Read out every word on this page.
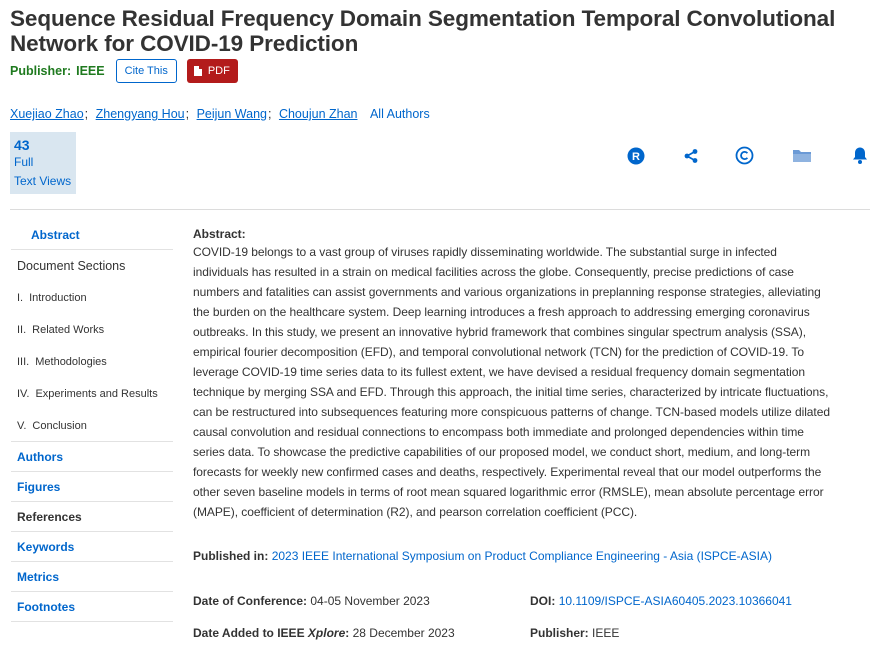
Sequence Residual Frequency Domain Segmentation Temporal Convolutional
Network for COVID-19 Prediction
Publisher: IEEE	Cite This	PDF
Xuejiao Zhao; Zhengyang Hou; Peijun Wang; Choujun Zhan All Authors
43
Full
Text Views
R
Abstract
Document Sections
I. Introduction
II. Related Works
III. Methodologies
IV. Experiments and Results
V. Conclusion
Authors
Figures
References
Keywords
Metrics
Footnotes
Abstract:
COVID-19 belongs to a vast group of viruses rapidly disseminating worldwide. The substantial surge in infected
individuals has resulted in a strain on medical facilities across the globe. Consequently, precise predictions of case
numbers and fatalities can assist governments and various organizations in preplanning response strategies, alleviating
the burden on the healthcare system. Deep learning introduces a fresh approach to addressing emerging coronavirus
outbreaks. In this study, we present an innovative hybrid framework that combines singular spectrum analysis (SSA),
empirical fourier decomposition (EFD), and temporal convolutional network (TCN) for the prediction of COVID-19. To
leverage COVID-19 time series data to its fullest extent, we have devised a residual frequency domain segmentation
technique by merging SSA and EFD. Through this approach, the initial time series, characterized by intricate fluctuations,
can be restructured into subsequences featuring more conspicuous patterns of change. TCN-based models utilize dilated
causal convolution and residual connections to encompass both immediate and prolonged dependencies within time
series data. To showcase the predictive capabilities of our proposed model, we conduct short, medium, and long-term
forecasts for weekly new confirmed cases and deaths, respectively. Experimental reveal that our model outperforms the
other seven baseline models in terms of root mean squared logarithmic error (RMSLE), mean absolute percentage error
(MAPE), coefficient of determination (R2), and pearson correlation coefficient (PCC).
Published in: 2023 IEEE International Symposium on Product Compliance Engineering - Asia (ISPCE-ASIA)
Date of Conference: 04-05 November 2023
Date Added to IEEE Xplore: 28 December 2023
DOI: 10.1109/ISPCE-ASIA60405.2023.10366041
Publisher: IEEE
